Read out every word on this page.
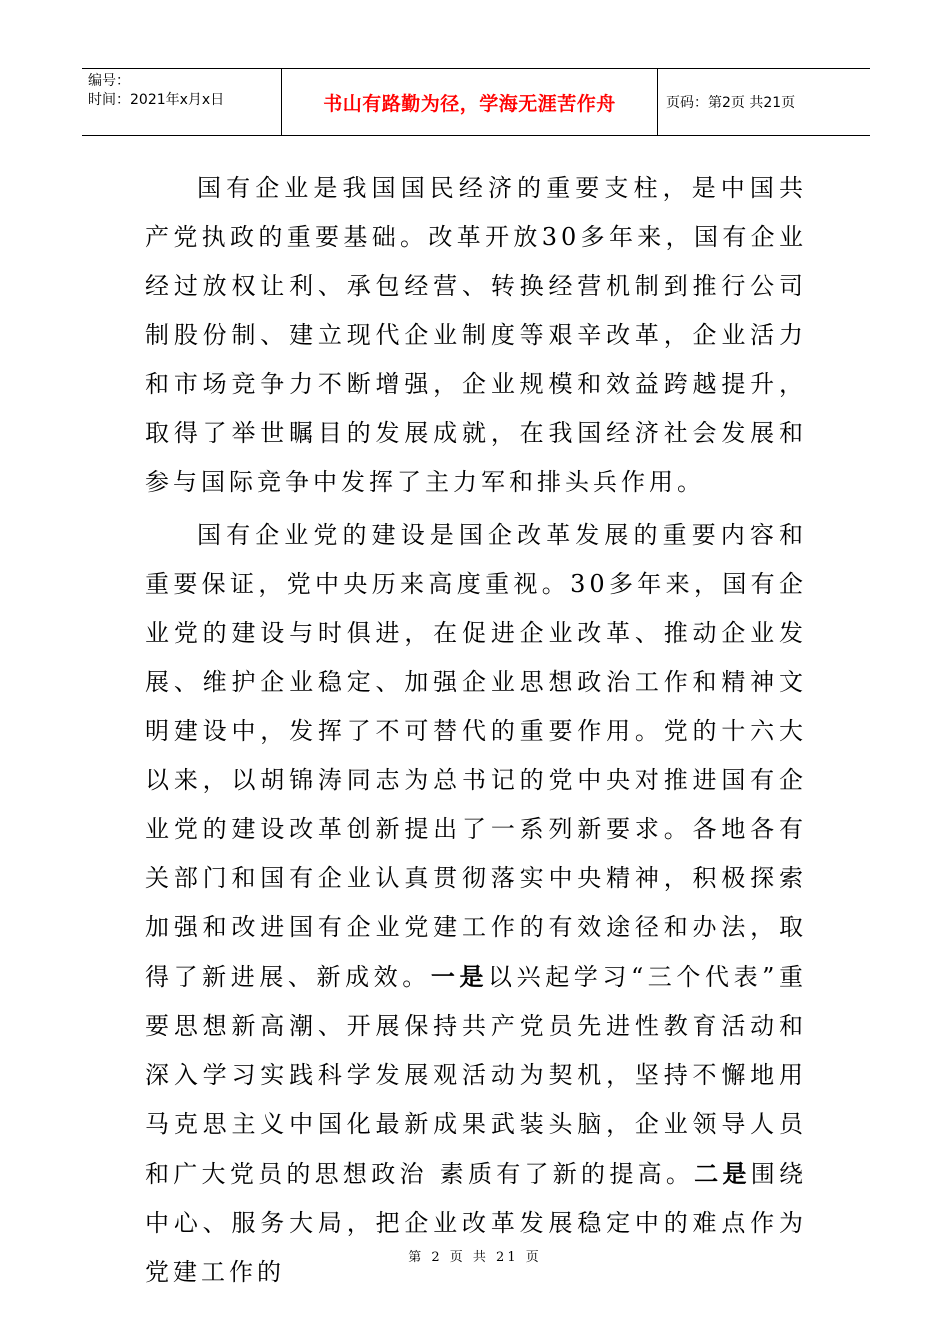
编号：
时间：2021年x月x日	书山有路勤为径，学海无涯苦作舟	页码：第2页 共21页

国有企业是我国国民经济的重要支柱，是中国共产党执政的重要基础。改革开放30多年来，国有企业经过放权让利、承包经营、转换经营机制到推行公司制股份制、建立现代企业制度等艰辛改革，企业活力和市场竞争力不断增强，企业规模和效益跨越提升，取得了举世瞩目的发展成就，在我国经济社会发展和参与国际竞争中发挥了主力军和排头兵作用。

国有企业党的建设是国企改革发展的重要内容和重要保证，党中央历来高度重视。30多年来，国有企业党的建设与时俱进，在促进企业改革、推动企业发展、维护企业稳定、加强企业思想政治工作和精神文明建设中，发挥了不可替代的重要作用。党的十六大以来，以胡锦涛同志为总书记的党中央对推进国有企业党的建设改革创新提出了一系列新要求。各地各有关部门和国有企业认真贯彻落实中央精神，积极探索加强和改进国有企业党建工作的有效途径和办法，取得了新进展、新成效。一是以兴起学习“三个代表”重要思想新高潮、开展保持共产党员先进性教育活动和深入学习实践科学发展观活动为契机，坚持不懈地用马克思主义中国化最新成果武装头脑，企业领导人员和广大党员的思想政治 素质有了新的提高。二是围绕中心、服务大局，把企业改革发展稳定中的难点作为党建工作的

第 2 页 共 21 页
